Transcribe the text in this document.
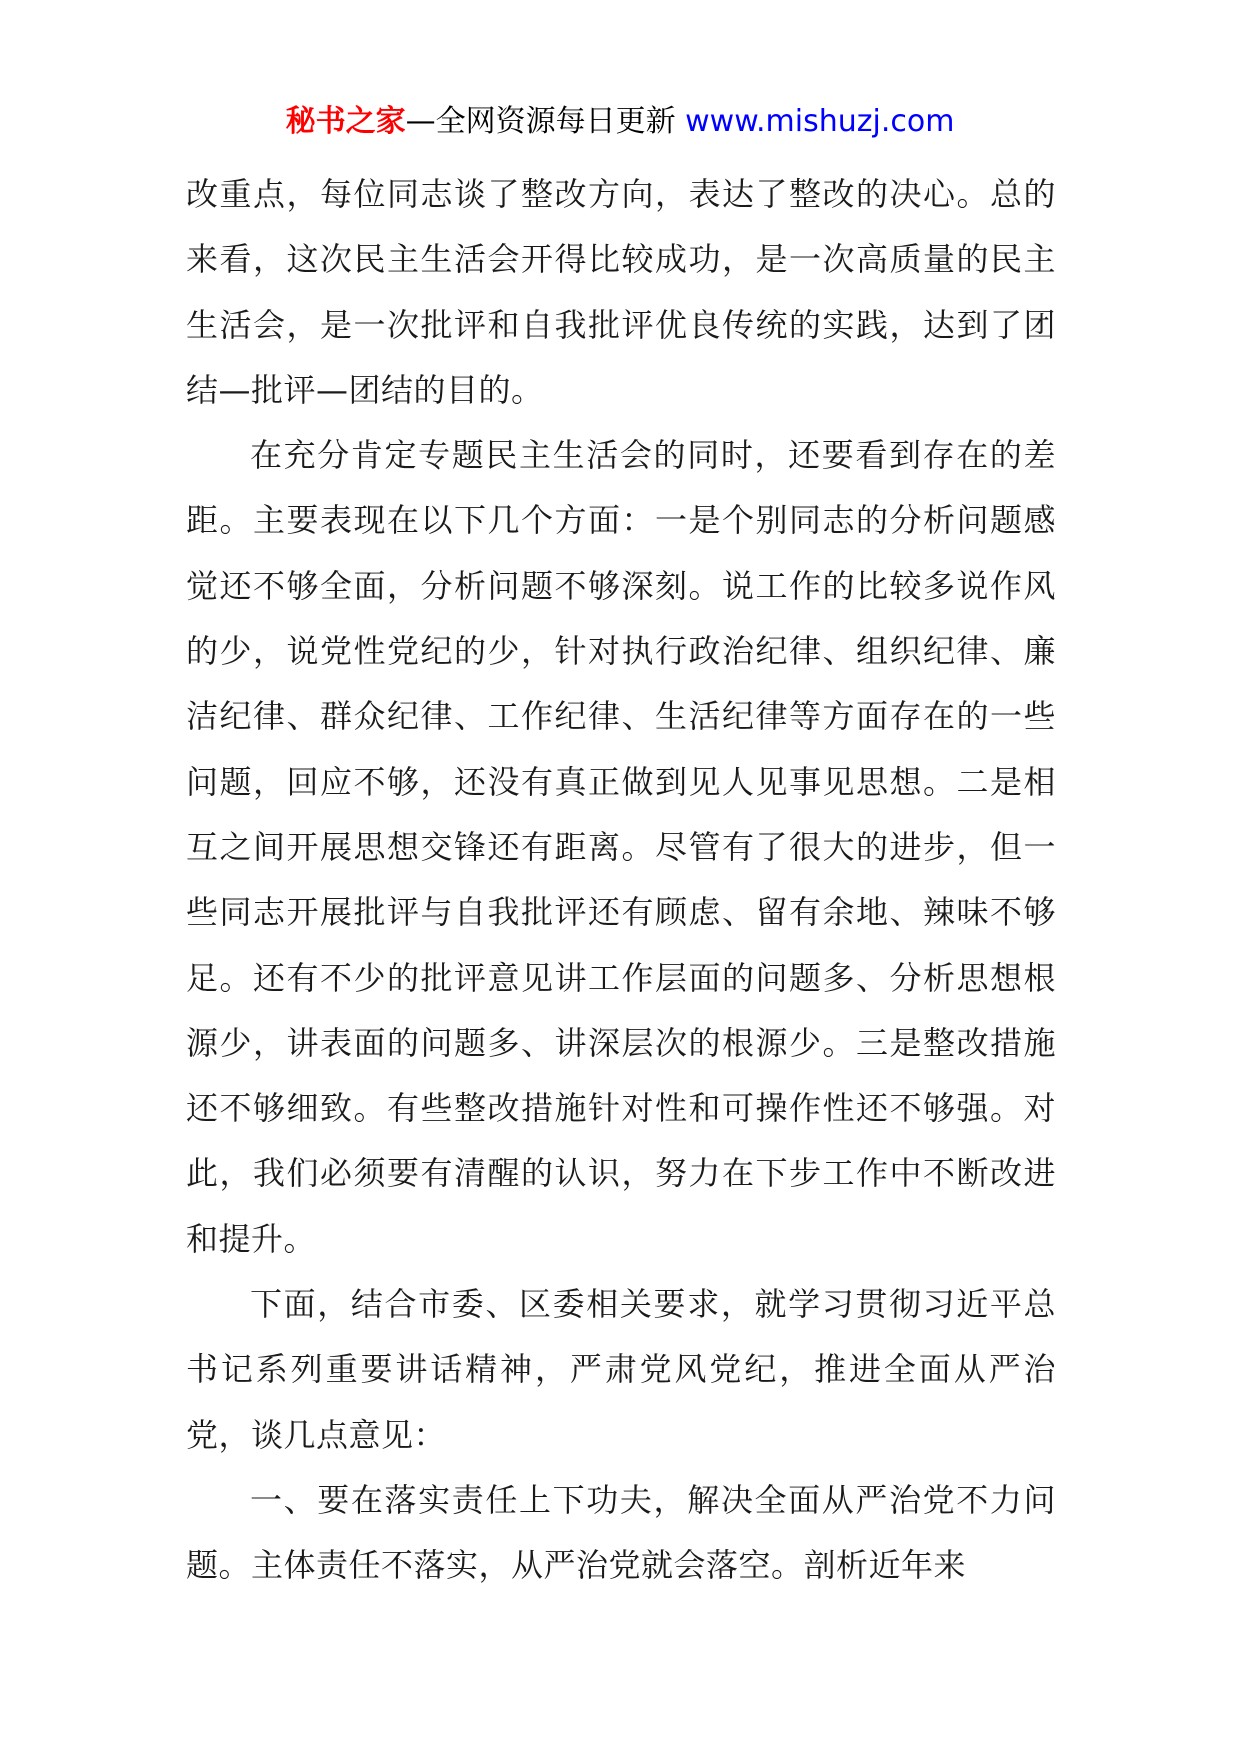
秘书之家—全网资源每日更新 www.mishuzj.com

改重点，每位同志谈了整改方向，表达了整改的决心。总的来看，这次民主生活会开得比较成功，是一次高质量的民主生活会，是一次批评和自我批评优良传统的实践，达到了团结—批评—团结的目的。

在充分肯定专题民主生活会的同时，还要看到存在的差距。主要表现在以下几个方面：一是个别同志的分析问题感觉还不够全面，分析问题不够深刻。说工作的比较多说作风的少，说党性党纪的少，针对执行政治纪律、组织纪律、廉洁纪律、群众纪律、工作纪律、生活纪律等方面存在的一些问题，回应不够，还没有真正做到见人见事见思想。二是相互之间开展思想交锋还有距离。尽管有了很大的进步，但一些同志开展批评与自我批评还有顾虑、留有余地、辣味不够足。还有不少的批评意见讲工作层面的问题多、分析思想根源少，讲表面的问题多、讲深层次的根源少。三是整改措施还不够细致。有些整改措施针对性和可操作性还不够强。对此，我们必须要有清醒的认识，努力在下步工作中不断改进和提升。

下面，结合市委、区委相关要求，就学习贯彻习近平总书记系列重要讲话精神，严肃党风党纪，推进全面从严治党，谈几点意见：

一、要在落实责任上下功夫，解决全面从严治党不力问题。主体责任不落实，从严治党就会落空。剖析近年来
